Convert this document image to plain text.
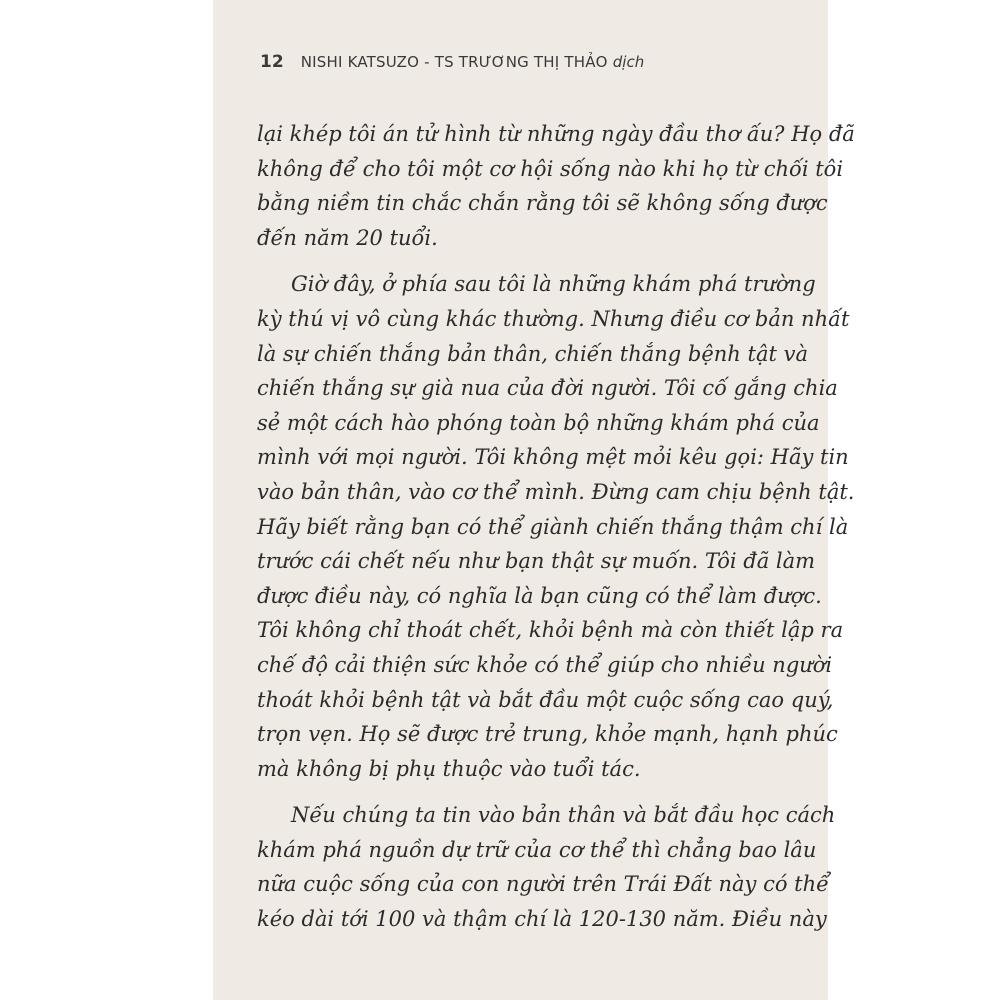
12 NISHI KATSUZO - TS TRƯƠNG THỊ THẢO dịch

lại khép tôi án tử hình từ những ngày đầu thơ ấu? Họ đã
không để cho tôi một cơ hội sống nào khi họ từ chối tôi
bằng niềm tin chắc chắn rằng tôi sẽ không sống được
đến năm 20 tuổi.

Giờ đây, ở phía sau tôi là những khám phá trường
kỳ thú vị vô cùng khác thường. Nhưng điều cơ bản nhất
là sự chiến thắng bản thân, chiến thắng bệnh tật và
chiến thắng sự già nua của đời người. Tôi cố gắng chia
sẻ một cách hào phóng toàn bộ những khám phá của
mình với mọi người. Tôi không mệt mỏi kêu gọi: Hãy tin
vào bản thân, vào cơ thể mình. Đừng cam chịu bệnh tật.
Hãy biết rằng bạn có thể giành chiến thắng thậm chí là
trước cái chết nếu như bạn thật sự muốn. Tôi đã làm
được điều này, có nghĩa là bạn cũng có thể làm được.
Tôi không chỉ thoát chết, khỏi bệnh mà còn thiết lập ra
chế độ cải thiện sức khỏe có thể giúp cho nhiều người
thoát khỏi bệnh tật và bắt đầu một cuộc sống cao quý,
trọn vẹn. Họ sẽ được trẻ trung, khỏe mạnh, hạnh phúc
mà không bị phụ thuộc vào tuổi tác.

Nếu chúng ta tin vào bản thân và bắt đầu học cách
khám phá nguồn dự trữ của cơ thể thì chẳng bao lâu
nữa cuộc sống của con người trên Trái Đất này có thể
kéo dài tới 100 và thậm chí là 120-130 năm. Điều này
